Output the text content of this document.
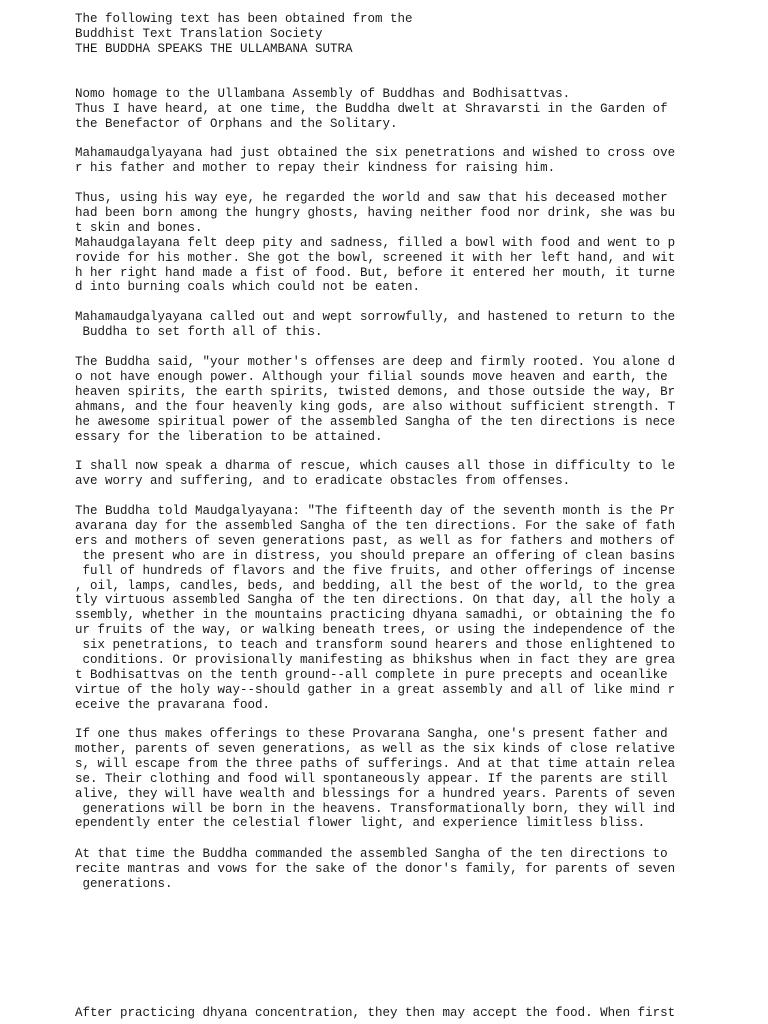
The following text has been obtained from the
Buddhist Text Translation Society
THE BUDDHA SPEAKS THE ULLAMBANA SUTRA
Nomo homage to the Ullambana Assembly of Buddhas and Bodhisattvas.
Thus I have heard, at one time, the Buddha dwelt at Shravarsti in the Garden of
the Benefactor of Orphans and the Solitary.
Mahamaudgalyayana had just obtained the six penetrations and wished to cross ove
r his father and mother to repay their kindness for raising him.
Thus, using his way eye, he regarded the world and saw that his deceased mother
had been born among the hungry ghosts, having neither food nor drink, she was bu
t skin and bones.
Mahaudgalayana felt deep pity and sadness, filled a bowl with food and went to p
rovide for his mother. She got the bowl, screened it with her left hand, and wit
h her right hand made a fist of food. But, before it entered her mouth, it turne
d into burning coals which could not be eaten.
Mahamaudgalyayana called out and wept sorrowfully, and hastened to return to the
Buddha to set forth all of this.
The Buddha said, "your mother's offenses are deep and firmly rooted. You alone d
o not have enough power. Although your filial sounds move heaven and earth, the
heaven spirits, the earth spirits, twisted demons, and those outside the way, Br
ahmans, and the four heavenly king gods, are also without sufficient strength. T
he awesome spiritual power of the assembled Sangha of the ten directions is nece
essary for the liberation to be attained.
I shall now speak a dharma of rescue, which causes all those in difficulty to le
ave worry and suffering, and to eradicate obstacles from offenses.
The Buddha told Maudgalyayana: "The fifteenth day of the seventh month is the Pr
avarana day for the assembled Sangha of the ten directions. For the sake of fath
ers and mothers of seven generations past, as well as for fathers and mothers of
the present who are in distress, you should prepare an offering of clean basins
full of hundreds of flavors and the five fruits, and other offerings of incense
, oil, lamps, candles, beds, and bedding, all the best of the world, to the grea
tly virtuous assembled Sangha of the ten directions. On that day, all the holy a
ssembly, whether in the mountains practicing dhyana samadhi, or obtaining the fo
ur fruits of the way, or walking beneath trees, or using the independence of the
six penetrations, to teach and transform sound hearers and those enlightened to
conditions. Or provisionally manifesting as bhikshus when in fact they are grea
t Bodhisattvas on the tenth ground--all complete in pure precepts and oceanlike
virtue of the holy way--should gather in a great assembly and all of like mind r
eceive the pravarana food.
If one thus makes offerings to these Provarana Sangha, one's present father and
mother, parents of seven generations, as well as the six kinds of close relative
s, will escape from the three paths of sufferings. And at that time attain relea
se. Their clothing and food will spontaneously appear. If the parents are still
alive, they will have wealth and blessings for a hundred years. Parents of seven
generations will be born in the heavens. Transformationally born, they will ind
ependently enter the celestial flower light, and experience limitless bliss.
At that time the Buddha commanded the assembled Sangha of the ten directions to
recite mantras and vows for the sake of the donor's family, for parents of seven
generations.
After practicing dhyana concentration, they then may accept the food. When first
